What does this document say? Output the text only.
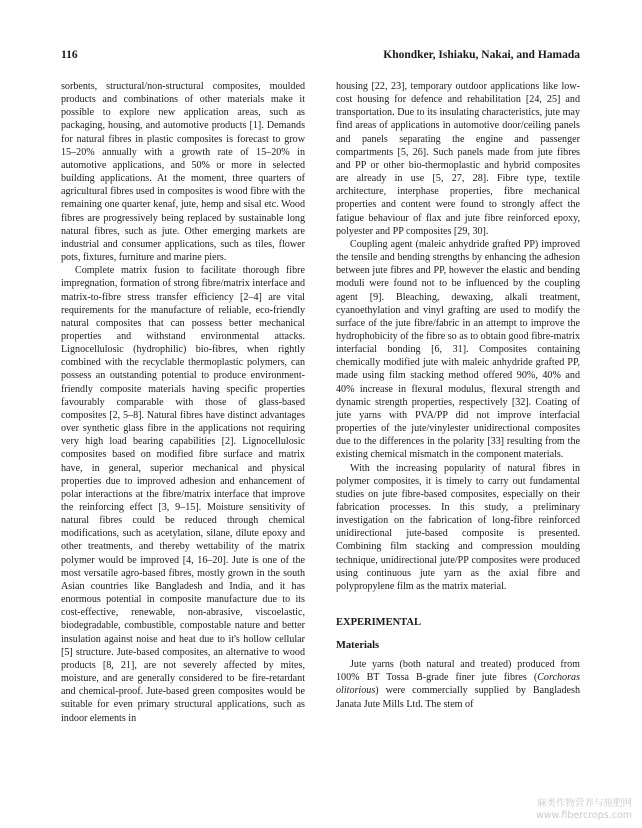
116	Khondker, Ishiaku, Nakai, and Hamada

sorbents, structural/non-structural composites, moulded products and combinations of other materials make it possible to explore new application areas, such as packaging, housing, and automotive products [1]. Demands for natural fibres in plastic composites is forecast to grow 15–20% annually with a growth rate of 15–20% in automotive applications, and 50% or more in selected building applications. At the moment, three quarters of agricultural fibres used in composites is wood fibre with the remaining one quarter kenaf, jute, hemp and sisal etc. Wood fibres are progressively being replaced by sustainable long natural fibres, such as jute. Other emerging markets are industrial and consumer applications, such as tiles, flower pots, fixtures, furniture and marine piers.

Complete matrix fusion to facilitate thorough fibre impregnation, formation of strong fibre/matrix interface and matrix-to-fibre stress transfer efficiency [2–4] are vital requirements for the manufacture of reliable, eco-friendly natural composites that can possess better mechanical properties and withstand environmental attacks. Lignocellulosic (hydrophilic) bio-fibres, when rightly combined with the recyclable thermoplastic polymers, can possess an outstanding potential to produce environment-friendly composite materials having specific properties favourably comparable with those of glass-based composites [2, 5–8]. Natural fibres have distinct advantages over synthetic glass fibre in the applications not requiring very high load bearing capabilities [2]. Lignocellulosic composites based on modified fibre surface and matrix have, in general, superior mechanical and physical properties due to improved adhesion and enhancement of polar interactions at the fibre/matrix interface that improve the reinforcing effect [3, 9–15]. Moisture sensitivity of natural fibres could be reduced through chemical modifications, such as acetylation, silane, dilute epoxy and other treatments, and thereby wettability of the matrix polymer would be improved [4, 16–20]. Jute is one of the most versatile agro-based fibres, mostly grown in the south Asian countries like Bangladesh and India, and it has enormous potential in composite manufacture due to its cost-effective, renewable, non-abrasive, viscoelastic, biodegradable, combustible, compostable nature and better insulation against noise and heat due to it's hollow cellular [5] structure. Jute-based composites, an alternative to wood products [8, 21], are not severely affected by mites, moisture, and are generally considered to be fire-retardant and chemical-proof. Jute-based green composites would be suitable for even primary structural applications, such as indoor elements in

housing [22, 23], temporary outdoor applications like low-cost housing for defence and rehabilitation [24, 25] and transportation. Due to its insulating characteristics, jute may find areas of applications in automotive door/ceiling panels and panels separating the engine and passenger compartments [5, 26]. Such panels made from jute fibres and PP or other bio-thermoplastic and hybrid composites are already in use [5, 27, 28]. Fibre type, textile architecture, interphase properties, fibre mechanical properties and content were found to strongly affect the fatigue behaviour of flax and jute fibre reinforced epoxy, polyester and PP composites [29, 30].

Coupling agent (maleic anhydride grafted PP) improved the tensile and bending strengths by enhancing the adhesion between jute fibres and PP, however the elastic and bending moduli were found not to be influenced by the coupling agent [9]. Bleaching, dewaxing, alkali treatment, cyanoethylation and vinyl grafting are used to modify the surface of the jute fibre/fabric in an attempt to improve the hydrophobicity of the fibre so as to obtain good fibre-matrix interfacial bonding [6, 31]. Composites containing chemically modified jute with maleic anhydride grafted PP, made using film stacking method offered 90%, 40% and 40% increase in flexural modulus, flexural strength and dynamic strength properties, respectively [32]. Coating of jute yarns with PVA/PP did not improve interfacial properties of the jute/vinylester unidirectional composites due to the differences in the polarity [33] resulting from the existing chemical mismatch in the component materials.

With the increasing popularity of natural fibres in polymer composites, it is timely to carry out fundamental studies on jute fibre-based composites, especially on their fabrication processes. In this study, a preliminary investigation on the fabrication of long-fibre reinforced unidirectional jute-based composite is presented. Combining film stacking and compression moulding technique, unidirectional jute/PP composites were produced using continuous jute yarn as the axial fibre and polypropylene film as the matrix material.

EXPERIMENTAL
Materials

Jute yarns (both natural and treated) produced from 100% BT Tossa B-grade finer jute fibres (Corchoras olitorious) were commercially supplied by Bangladesh Janata Jute Mills Ltd. The stem of

麻类作物营养与施肥网
www.fibercrops.com
